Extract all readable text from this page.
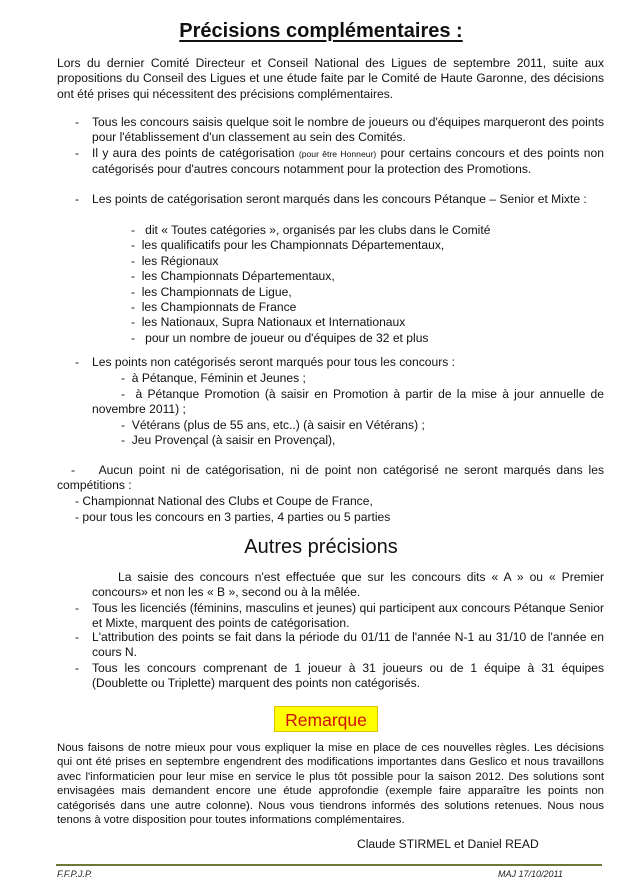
Précisions complémentaires :
Lors du dernier Comité Directeur et Conseil National des Ligues de septembre 2011, suite aux propositions du Conseil des Ligues et une étude faite par le Comité de Haute Garonne, des décisions ont été prises qui nécessitent des précisions complémentaires.
- Tous les concours saisis quelque soit le nombre de joueurs ou d'équipes marqueront des points pour l'établissement d'un classement au sein des Comités.
- Il y aura des points de catégorisation (pour être Honneur) pour certains concours et des points non catégorisés pour d'autres concours notamment pour la protection des Promotions.
- Les points de catégorisation seront marqués dans les concours Pétanque – Senior et Mixte :
-   dit « Toutes catégories », organisés par les clubs dans le Comité
-  les qualificatifs pour les Championnats Départementaux,
-  les Régionaux
-  les Championnats Départementaux,
-  les Championnats de Ligue,
-  les Championnats de France
-  les Nationaux, Supra Nationaux et Internationaux
-   pour un nombre de joueur ou d'équipes de 32 et plus
- Les points non catégorisés seront marqués pour tous les concours :
-  à Pétanque, Féminin et Jeunes ;
-  à Pétanque Promotion (à saisir en Promotion à partir de la mise à jour annuelle de novembre 2011) ;
-  Vétérans (plus de 55 ans, etc..) (à saisir en Vétérans) ;
-  Jeu Provençal (à saisir en Provençal),
-    Aucun point ni de catégorisation, ni de point non catégorisé ne seront marqués dans les compétitions :
- Championnat National des Clubs et Coupe de France,
- pour tous les concours en 3 parties, 4 parties ou 5 parties
Autres précisions
La saisie des concours n'est effectuée que sur les concours dits « A » ou « Premier concours» et non les « B », second ou à la mêlée.
- Tous les licenciés (féminins, masculins et jeunes) qui participent aux concours Pétanque Senior et Mixte, marquent des points de catégorisation.
- L'attribution des points se fait dans la période du 01/11 de l'année N-1 au 31/10 de l'année en cours N.
- Tous les concours comprenant de 1 joueur à 31 joueurs ou de 1 équipe à 31 équipes (Doublette ou Triplette) marquent des points non catégorisés.
Remarque
Nous faisons de notre mieux pour vous expliquer la mise en place de ces nouvelles règles. Les décisions qui ont été prises en septembre engendrent des modifications importantes dans Geslico et nous travaillons avec l'informaticien pour leur mise en service le plus tôt possible pour la saison 2012. Des solutions sont envisagées mais demandent encore une étude approfondie (exemple faire apparaître les points non catégorisés dans une autre colonne). Nous vous tiendrons informés des solutions retenues. Nous nous tenons à votre disposition pour toutes informations complémentaires.
Claude STIRMEL et Daniel READ
F.F.P.J.P.	MAJ 17/10/2011
